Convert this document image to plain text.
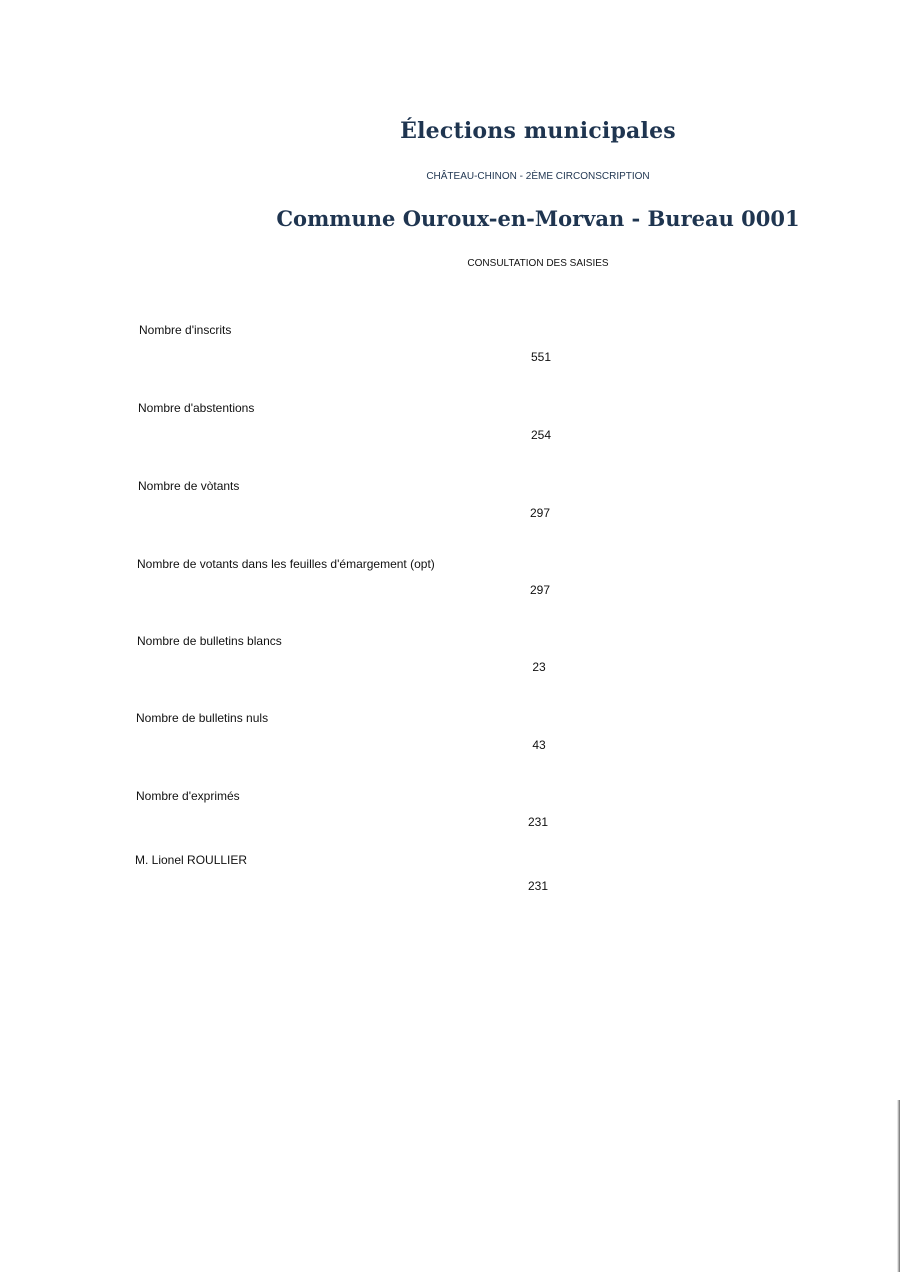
Élections municipales
CHÂTEAU-CHINON - 2ÈME CIRCONSCRIPTION
Commune Ouroux-en-Morvan - Bureau 0001
CONSULTATION DES SAISIES
Nombre d'inscrits
551
Nombre d'abstentions
254
Nombre de vòtants
297
Nombre de votants dans les feuilles d'émargement (opt)
297
Nombre de bulletins blancs
23
Nombre de bulletins nuls
43
Nombre d'exprimés
231
M. Lionel ROULLIER
231
